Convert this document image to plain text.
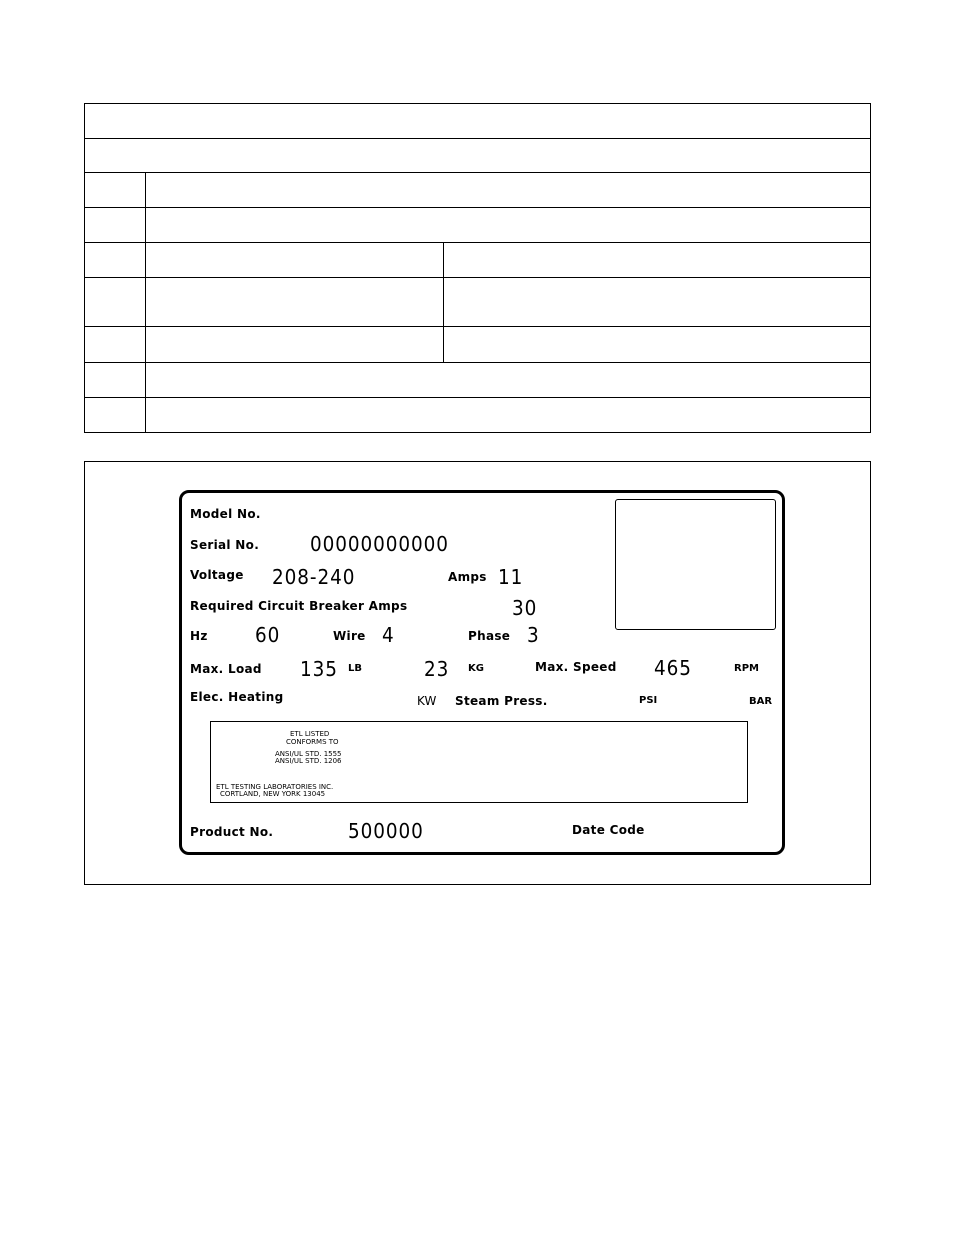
Model No.
Serial No.	00000000000
Voltage 208-240	Amps 11
Required Circuit Breaker Amps	30
Hz 60	Wire 4	Phase 3
Max. Load 135 LB	23 KG	Max. Speed 465	RPM
Elec. Heating	KW Steam Press.	PSI	BAR
ETL LISTED
CONFORMS TO
ANSI/UL STD. 1555
ANSI/UL STD. 1206
ETL TESTING LABORATORIES INC.
CORTLAND, NEW YORK 13045
Product No.	500000	Date Code
